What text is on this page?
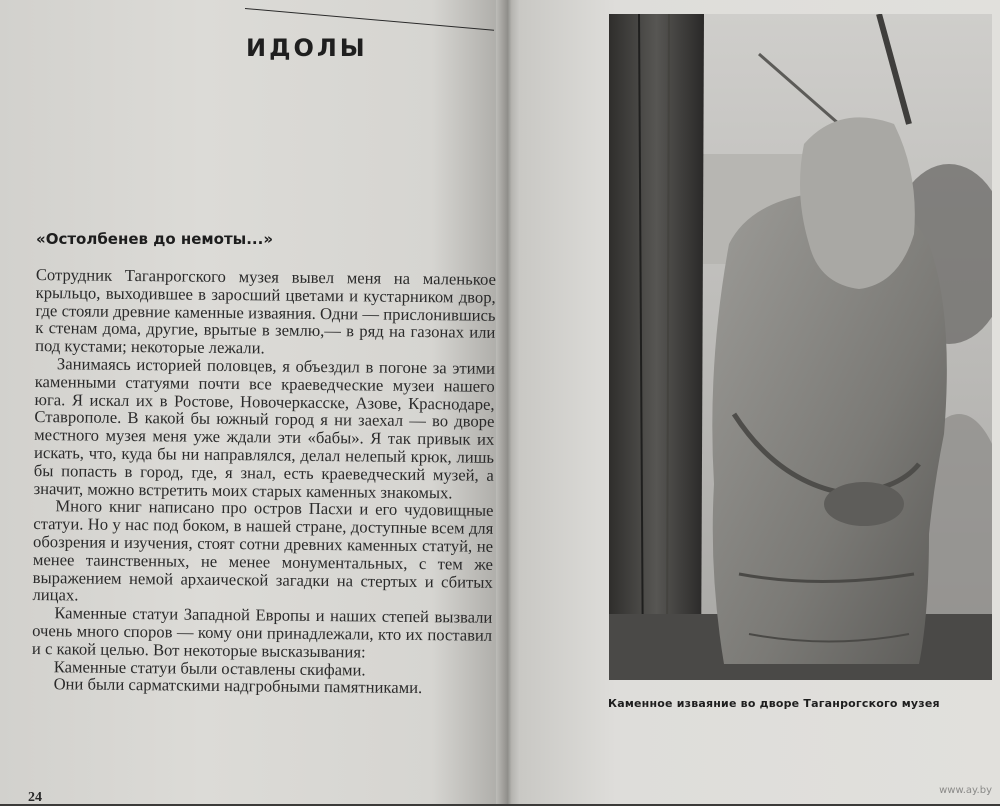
ИДОЛЫ
«Остолбенев до немоты...»

Сотрудник Таганрогского музея вывел меня на маленькое крыльцо, выходившее в заросший цветами и кустарником двор, где стояли древние каменные изваяния. Одни — прислонившись к стенам дома, другие, врытые в землю,— в ряд на газонах или под кустами; некоторые лежали.

Занимаясь историей половцев, я объездил в погоне за этими каменными статуями почти все краеведческие музеи нашего юга. Я искал их в Ростове, Новочеркасске, Азове, Краснодаре, Ставрополе. В какой бы южный город я ни заехал — во дворе местного музея меня уже ждали эти «бабы». Я так привык их искать, что, куда бы ни направлялся, делал нелепый крюк, лишь бы попасть в город, где, я знал, есть краеведческий музей, а значит, можно встретить моих старых каменных знакомых.

Много книг написано про остров Пасхи и его чудовищные статуи. Но у нас под боком, в нашей стране, доступные всем для обозрения и изучения, стоят сотни древних каменных статуй, не менее таинственных, не менее монументальных, с тем же выражением немой архаической загадки на стертых и сбитых лицах.

Каменные статуи Западной Европы и наших степей вызвали очень много споров — кому они принадлежали, кто их поставил и с какой целью. Вот некоторые высказывания:

Каменные статуи были оставлены скифами.

Они были сарматскими надгробными памятниками.

24
Каменное изваяние во дворе Таганрогского музея
www.ay.by
